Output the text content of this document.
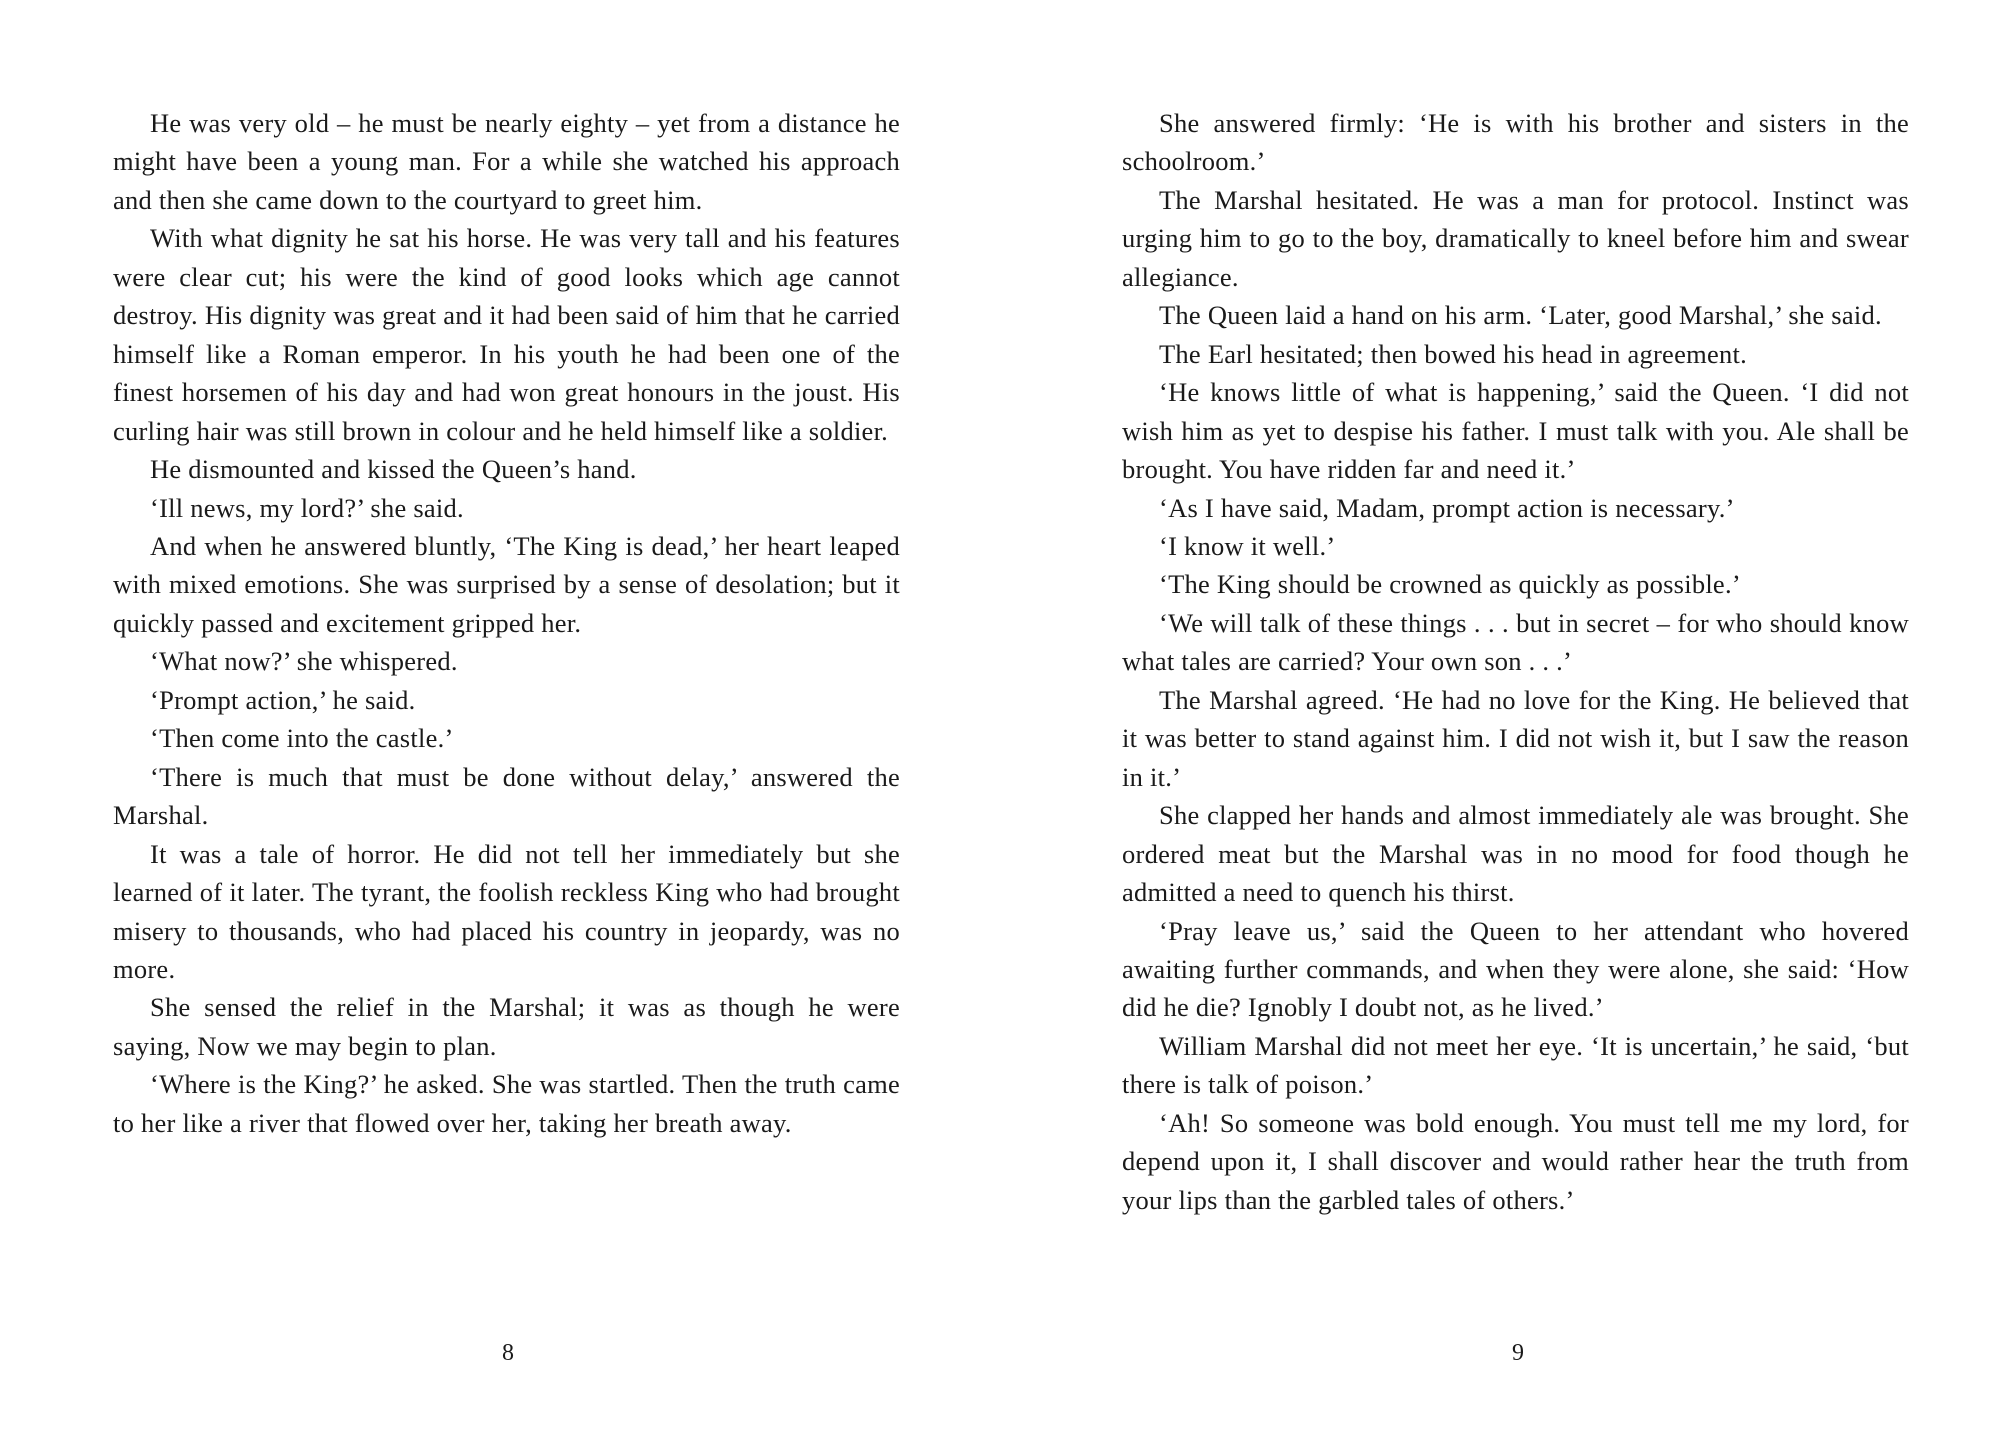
He was very old – he must be nearly eighty – yet from a distance he might have been a young man. For a while she watched his approach and then she came down to the courtyard to greet him.

With what dignity he sat his horse. He was very tall and his features were clear cut; his were the kind of good looks which age cannot destroy. His dignity was great and it had been said of him that he carried himself like a Roman emperor. In his youth he had been one of the finest horsemen of his day and had won great honours in the joust. His curling hair was still brown in colour and he held himself like a soldier.

He dismounted and kissed the Queen’s hand.

‘Ill news, my lord?’ she said.

And when he answered bluntly, ‘The King is dead,’ her heart leaped with mixed emotions. She was surprised by a sense of desolation; but it quickly passed and excitement gripped her.

‘What now?’ she whispered.

‘Prompt action,’ he said.

‘Then come into the castle.’

‘There is much that must be done without delay,’ answered the Marshal.

It was a tale of horror. He did not tell her immediately but she learned of it later. The tyrant, the foolish reckless King who had brought misery to thousands, who had placed his country in jeopardy, was no more.

She sensed the relief in the Marshal; it was as though he were saying, Now we may begin to plan.

‘Where is the King?’ he asked. She was startled. Then the truth came to her like a river that flowed over her, taking her breath away.

8

She answered firmly: ‘He is with his brother and sisters in the schoolroom.’

The Marshal hesitated. He was a man for protocol. Instinct was urging him to go to the boy, dramatically to kneel before him and swear allegiance.

The Queen laid a hand on his arm. ‘Later, good Marshal,’ she said.

The Earl hesitated; then bowed his head in agreement.

‘He knows little of what is happening,’ said the Queen. ‘I did not wish him as yet to despise his father. I must talk with you. Ale shall be brought. You have ridden far and need it.’

‘As I have said, Madam, prompt action is necessary.’

‘I know it well.’

‘The King should be crowned as quickly as possible.’

‘We will talk of these things . . . but in secret – for who should know what tales are carried? Your own son . . .’

The Marshal agreed. ‘He had no love for the King. He believed that it was better to stand against him. I did not wish it, but I saw the reason in it.’

She clapped her hands and almost immediately ale was brought. She ordered meat but the Marshal was in no mood for food though he admitted a need to quench his thirst.

‘Pray leave us,’ said the Queen to her attendant who hovered awaiting further commands, and when they were alone, she said: ‘How did he die? Ignobly I doubt not, as he lived.’

William Marshal did not meet her eye. ‘It is uncertain,’ he said, ‘but there is talk of poison.’

‘Ah! So someone was bold enough. You must tell me my lord, for depend upon it, I shall discover and would rather hear the truth from your lips than the garbled tales of others.’

9
